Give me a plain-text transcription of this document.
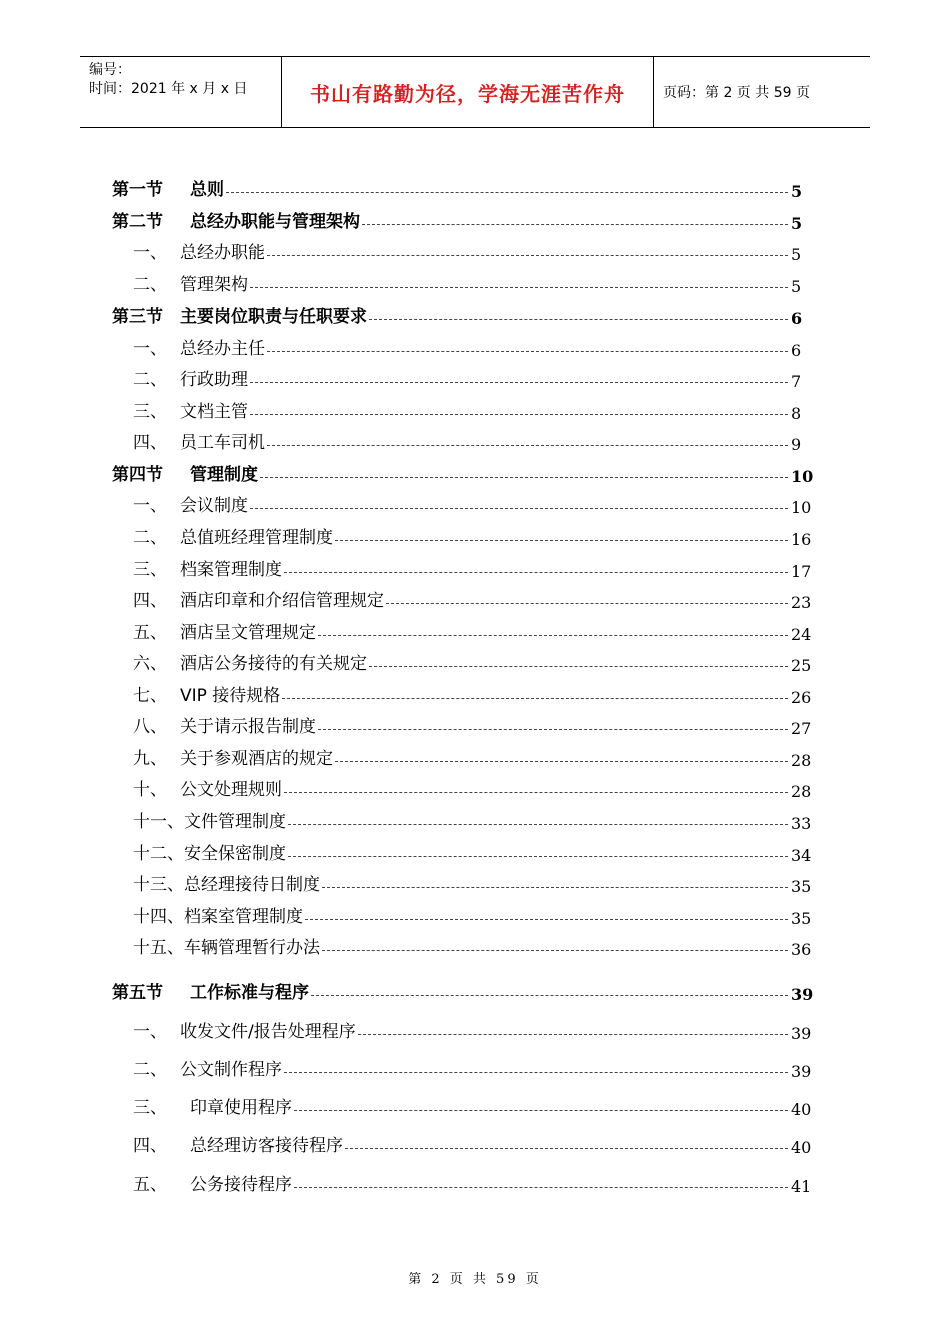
编号：
时间：2021 年 x 月 x 日	书山有路勤为径，学海无涯苦作舟	页码：第 2 页 共 59 页
第一节 总则	5
第二节 总经办职能与管理架构	5
一、 总经办职能	5
二、 管理架构	5
第三节 主要岗位职责与任职要求	6
一、 总经办主任	6
二、 行政助理	7
三、 文档主管	8
四、 员工车司机	9
第四节 管理制度	10
一、 会议制度	10
二、 总值班经理管理制度	16
三、 档案管理制度	17
四、 酒店印章和介绍信管理规定	23
五、 酒店呈文管理规定	24
六、 酒店公务接待的有关规定	25
七、 VIP 接待规格	26
八、 关于请示报告制度	27
九、 关于参观酒店的规定	28
十、 公文处理规则	28
十一、 文件管理制度	33
十二、 安全保密制度	34
十三、 总经理接待日制度	35
十四、 档案室管理制度	35
十五、 车辆管理暂行办法	36
第五节 工作标准与程序	39
一、 收发文件/报告处理程序	39
二、 公文制作程序	39
三、 印章使用程序	40
四、 总经理访客接待程序	40
五、 公务接待程序	41
第 2 页 共 59 页
